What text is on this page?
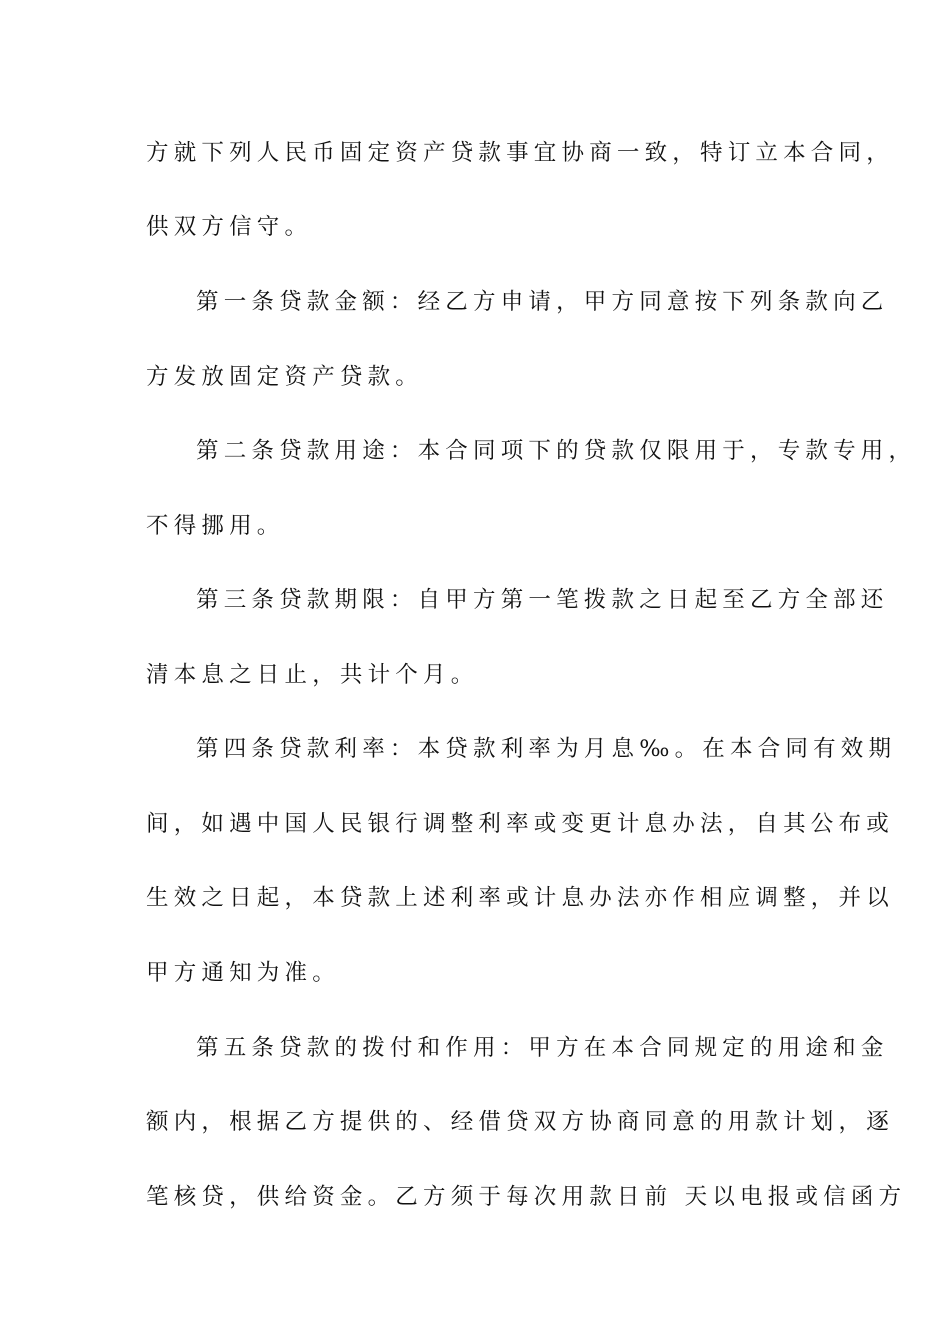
方就下列人民币固定资产贷款事宜协商一致，特订立本合同，
供双方信守。
第一条贷款金额：经乙方申请，甲方同意按下列条款向乙
方发放固定资产贷款。
第二条贷款用途：本合同项下的贷款仅限用于，专款专用，
不得挪用。
第三条贷款期限：自甲方第一笔拨款之日起至乙方全部还
清本息之日止，共计个月。
第四条贷款利率：本贷款利率为月息‰。在本合同有效期
间，如遇中国人民银行调整利率或变更计息办法，自其公布或
生效之日起，本贷款上述利率或计息办法亦作相应调整，并以
甲方通知为准。
第五条贷款的拨付和作用：甲方在本合同规定的用途和金
额内，根据乙方提供的、经借贷双方协商同意的用款计划，逐
笔核贷，供给资金。乙方须于每次用款日前 天以电报或信函方
